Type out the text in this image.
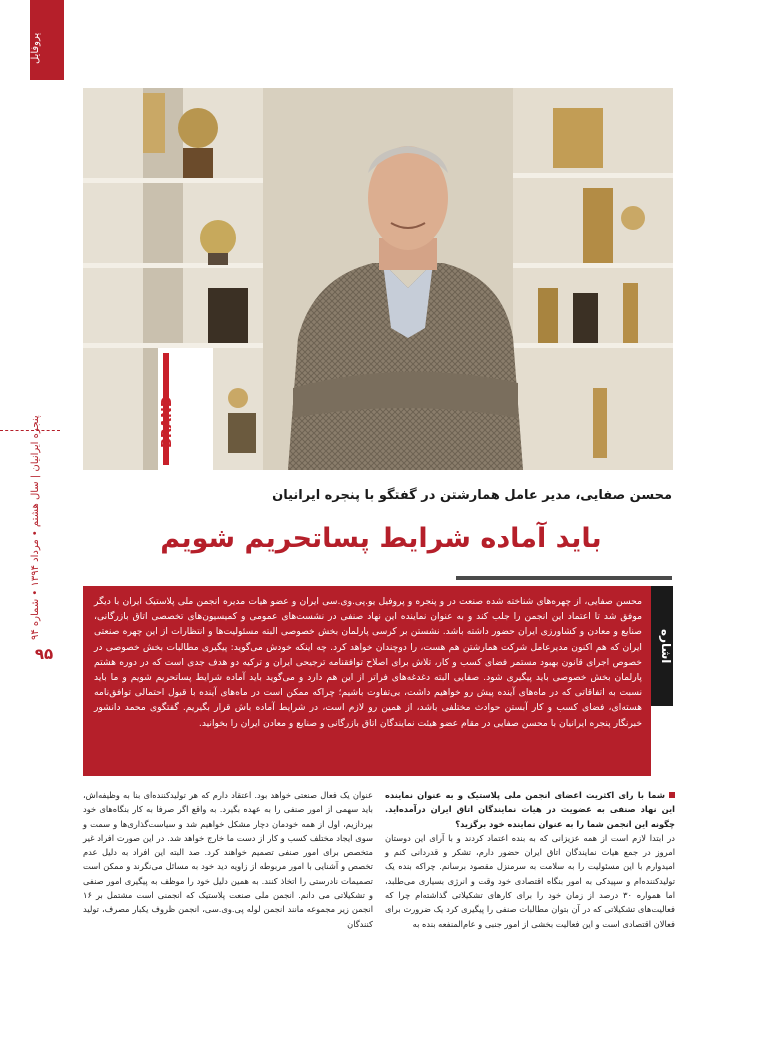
پروفایل
پنجره ایرانیان | سال هشتم • مرداد ۱۳۹۴ • شماره ۹۴
۹۵
BRAND
محسن صفایی، مدیر عامل همارشتن در گفتگو با پنجره ایرانیان
باید آماده شرایط پساتحریم شویم
محسن صفایی، از چهره‌های شناخته شده صنعت در و پنجره و پروفیل یو.پی.وی.سی ایران و عضو هیات مدیره انجمن ملی پلاستیک ایران با دیگر موفق شد تا اعتماد این انجمن را جلب کند و به عنوان نماینده این نهاد صنفی در نشست‌های عمومی و کمیسیون‌های تخصصی اتاق بازرگانی، صنایع و معادن و کشاورزی ایران حضور داشته باشد. نشستن بر کرسی پارلمان بخش خصوصی البته مسئولیت‌ها و انتظارات از این چهره صنعتی ایران که هم اکنون مدیرعامل شرکت همارشتن هم هست، را دوچندان خواهد کرد. چه اینکه خودش می‌گوید: پیگیری مطالبات بخش خصوصی در خصوص اجرای قانون بهبود مستمر فضای کسب و کار، تلاش برای اصلاح توافقنامه ترجیحی ایران و ترکیه دو هدف جدی است که در دوره هشتم پارلمان بخش خصوصی باید پیگیری شود. صفایی البته دغدغه‌های فراتر از این هم دارد و می‌گوید باید آماده شرایط پساتحریم شویم و ما باید نسبت به اتفاقاتی که در ماه‌های آینده پیش رو خواهیم داشت، بی‌تفاوت باشیم؛ چراکه ممکن است در ماه‌های آینده با قبول احتمالی توافق‌نامه هسته‌ای، فضای کسب و کار آبستن حوادث مختلفی باشد، از همین رو لازم است، در شرایط آماده باش قرار بگیریم. گفتگوی محمد دانشور خبرنگار پنجره ایرانیان با محسن صفایی در مقام عضو هیئت نمایندگان اتاق بازرگانی و صنایع و معادن ایران را بخوانید.
اشاره
شما با رای اکثریت اعضای انجمن ملی پلاستیک و به عنوان نماینده این نهاد صنفی به عضویت در هیات نمایندگان اتاق ایران درآمده‌اید. چگونه این انجمن شما را به عنوان نماینده خود برگزید؟
در ابتدا لازم است از همه عزیزانی که به بنده اعتماد کردند و با آرای این دوستان امروز در جمع هیات نمایندگان اتاق ایران حضور دارم، تشکر و قدردانی کنم و امیدوارم با این مسئولیت را به سلامت به سرمنزل مقصود برسانم. چراکه بنده یک تولیدکننده‌ام و سپیدکی به امور بنگاه اقتصادی خود وقت و انرژی بسیاری می‌طلبد، اما همواره ۳۰ درصد از زمان خود را برای کارهای تشکیلاتی گذاشته‌ام چرا که فعالیت‌های تشکیلاتی که در آن بتوان مطالبات صنفی را پیگیری کرد یک ضرورت برای فعالان اقتصادی است و این فعالیت بخشی از امور جنبی و عام‌المنفعه بنده به
عنوان یک فعال صنعتی خواهد بود. اعتقاد دارم که هر تولیدکننده‌ای بنا به وظیفه‌اش، باید سهمی از امور صنفی را به عهده بگیرد. به واقع اگر صرفا به کار بنگاه‌های خود بپردازیم، اول از همه خودمان دچار مشکل خواهیم شد و سیاست‌گذاری‌ها و سمت و سوی ایجاد مختلف کسب و کار از دست ما خارج خواهد شد. در این صورت افراد غیر متخصص برای امور صنفی تصمیم خواهند کرد. صد البته این افراد به دلیل عدم تخصص و آشنایی با امور مربوطه از زاویه دید خود به مسائل می‌نگرند و ممکن است تصمیمات نادرستی را اتخاذ کنند. به همین دلیل خود را موظف به پیگیری امور صنفی و تشکیلاتی می دانم. انجمن ملی صنعت پلاستیک که انجمنی است مشتمل بر ۱۶ انجمن زیر مجموعه مانند انجمن لوله پی.وی.سی، انجمن ظروف یکبار مصرف، تولید کنندگان
